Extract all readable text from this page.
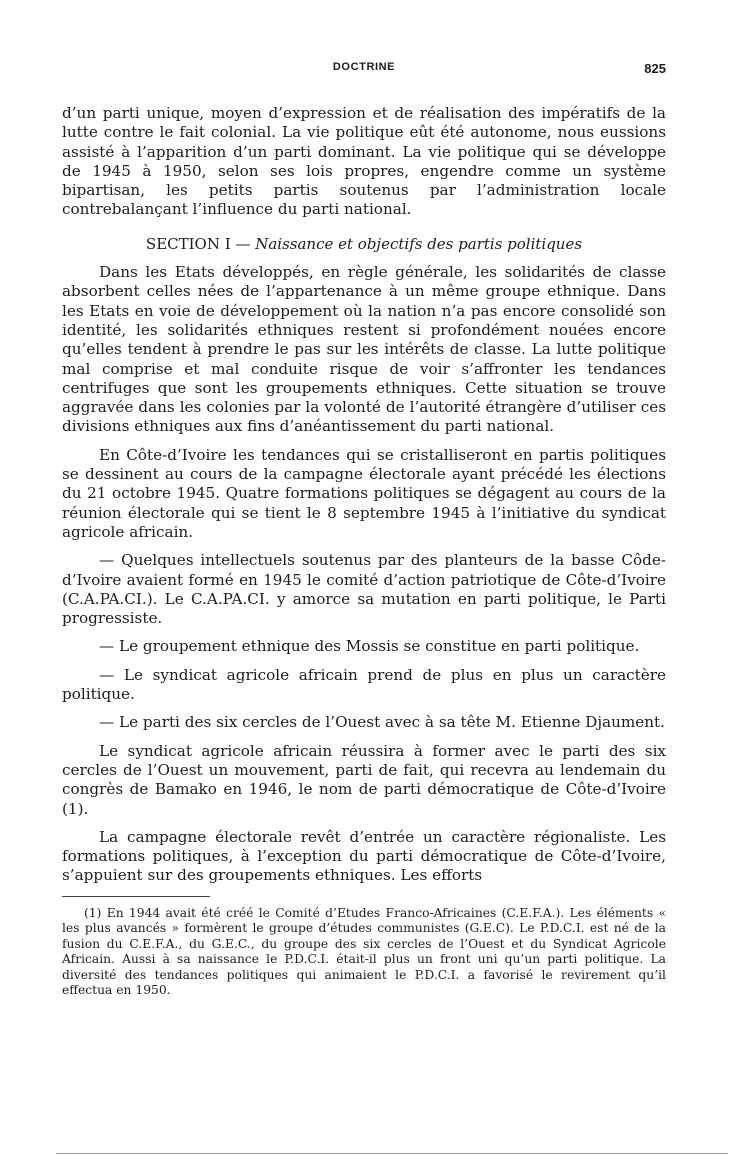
DOCTRINE	825

d’un parti unique, moyen d’expression et de réalisation des impératifs de la lutte contre le fait colonial. La vie politique eût été autonome, nous eussions assisté à l’apparition d’un parti dominant. La vie politique qui se développe de 1945 à 1950, selon ses lois propres, engendre comme un système bipartisan, les petits partis soutenus par l’administration locale contrebalançant l’influence du parti national.

SECTION I — Naissance et objectifs des partis politiques

Dans les Etats développés, en règle générale, les solidarités de classe absorbent celles nées de l’appartenance à un même groupe ethnique. Dans les Etats en voie de développement où la nation n’a pas encore consolidé son identité, les solidarités ethniques restent si profondément nouées encore qu’elles tendent à prendre le pas sur les intérêts de classe. La lutte politique mal comprise et mal conduite risque de voir s’affronter les tendances centrifuges que sont les groupements ethniques. Cette situation se trouve aggravée dans les colonies par la volonté de l’autorité étrangère d’utiliser ces divisions ethniques aux fins d’anéantissement du parti national.

En Côte-d’Ivoire les tendances qui se cristalliseront en partis politiques se dessinent au cours de la campagne électorale ayant précédé les élections du 21 octobre 1945. Quatre formations politiques se dégagent au cours de la réunion électorale qui se tient le 8 septembre 1945 à l’initiative du syndicat agricole africain.

— Quelques intellectuels soutenus par des planteurs de la basse Côde-d’Ivoire avaient formé en 1945 le comité d’action patriotique de Côte-d’Ivoire (C.A.PA.CI.). Le C.A.PA.CI. y amorce sa mutation en parti politique, le Parti progressiste.

— Le groupement ethnique des Mossis se constitue en parti politique.

— Le syndicat agricole africain prend de plus en plus un caractère politique.

— Le parti des six cercles de l’Ouest avec à sa tête M. Etienne Djaument.

Le syndicat agricole africain réussira à former avec le parti des six cercles de l’Ouest un mouvement, parti de fait, qui recevra au lendemain du congrès de Bamako en 1946, le nom de parti démocratique de Côte-d’Ivoire (1).

La campagne électorale revêt d’entrée un caractère régionaliste. Les formations politiques, à l’exception du parti démocratique de Côte-d’Ivoire, s’appuient sur des groupements ethniques. Les efforts

(1) En 1944 avait été créé le Comité d’Etudes Franco-Africaines (C.E.F.A.). Les éléments « les plus avancés » formèrent le groupe d’études communistes (G.E.C). Le P.D.C.I. est né de la fusion du C.E.F.A., du G.E.C., du groupe des six cercles de l’Ouest et du Syndicat Agricole Africain. Aussi à sa naissance le P.D.C.I. était-il plus un front uni qu’un parti politique. La diversité des tendances politiques qui animaient le P.D.C.I. a favorisé le revirement qu’il effectua en 1950.
